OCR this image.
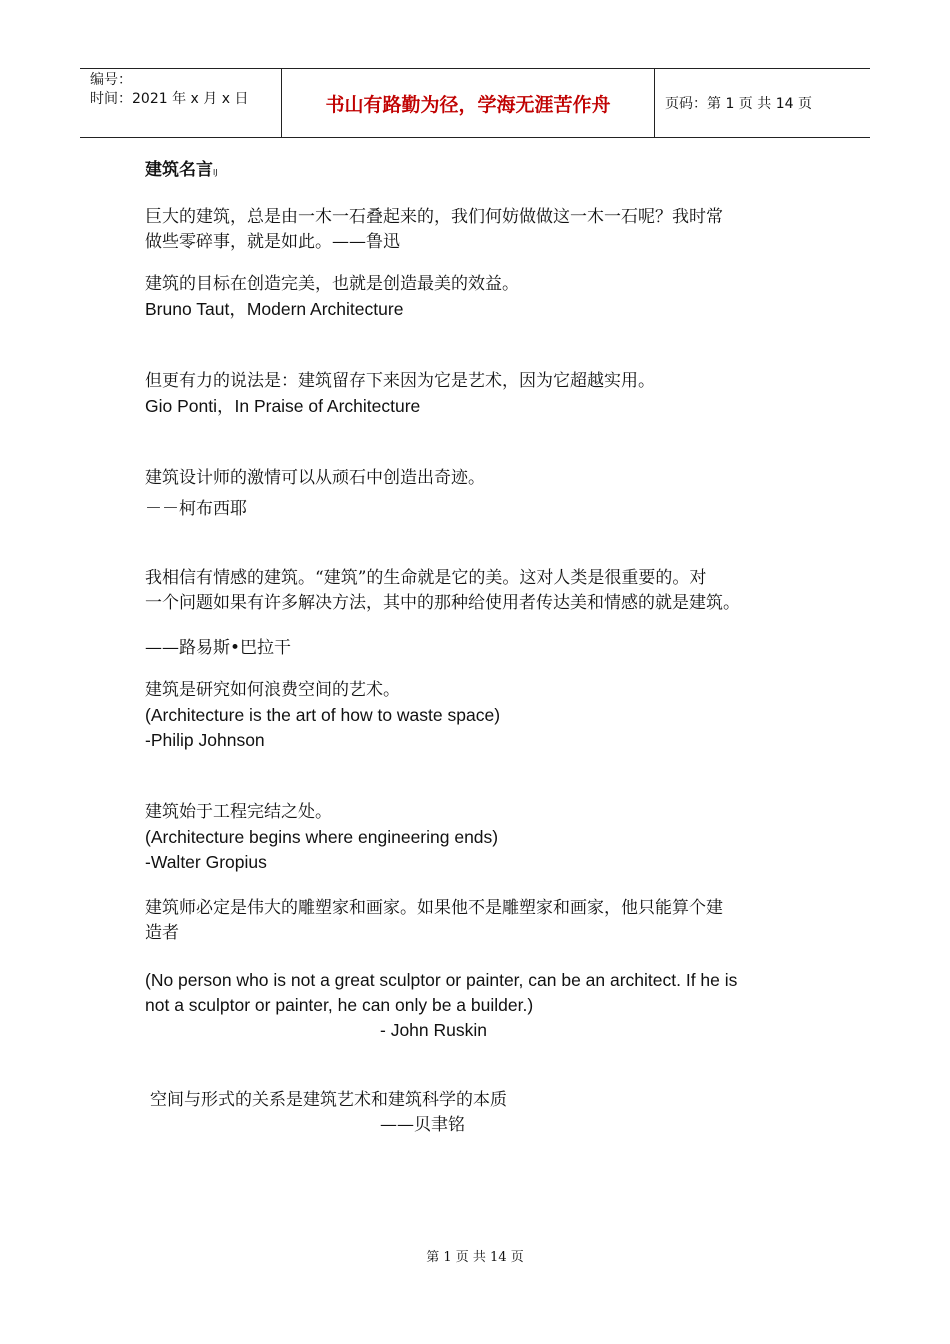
编号：
时间：2021 年 x 月 x 日	书山有路勤为径，学海无涯苦作舟	页码：第 1 页 共 14 页

建筑名言lJ

巨大的建筑，总是由一木一石叠起来的，我们何妨做做这一木一石呢？我时常

做些零碎事，就是如此。——鲁迅

建筑的目标在创造完美，也就是创造最美的效益。

Bruno Taut，Modern Architecture

但更有力的说法是：建筑留存下来因为它是艺术，因为它超越实用。

Gio Ponti，In Praise of Architecture

建筑设计师的激情可以从顽石中创造出奇迹。

－－柯布西耶

我相信有情感的建筑。“建筑”的生命就是它的美。这对人类是很重要的。对

一个问题如果有许多解决方法，其中的那种给使用者传达美和情感的就是建筑。

——路易斯•巴拉干

建筑是研究如何浪费空间的艺术。

(Architecture is the art of how to waste space)

-Philip Johnson

建筑始于工程完结之处。

(Architecture begins where engineering ends)

-Walter Gropius

建筑师必定是伟大的雕塑家和画家。如果他不是雕塑家和画家，他只能算个建

造者

(No person who is not a great sculptor or painter, can be an architect. If he is

not a sculptor or painter, he can only be a builder.)

- John Ruskin

空间与形式的关系是建筑艺术和建筑科学的本质

——贝聿铭

第 1 页 共 14 页
